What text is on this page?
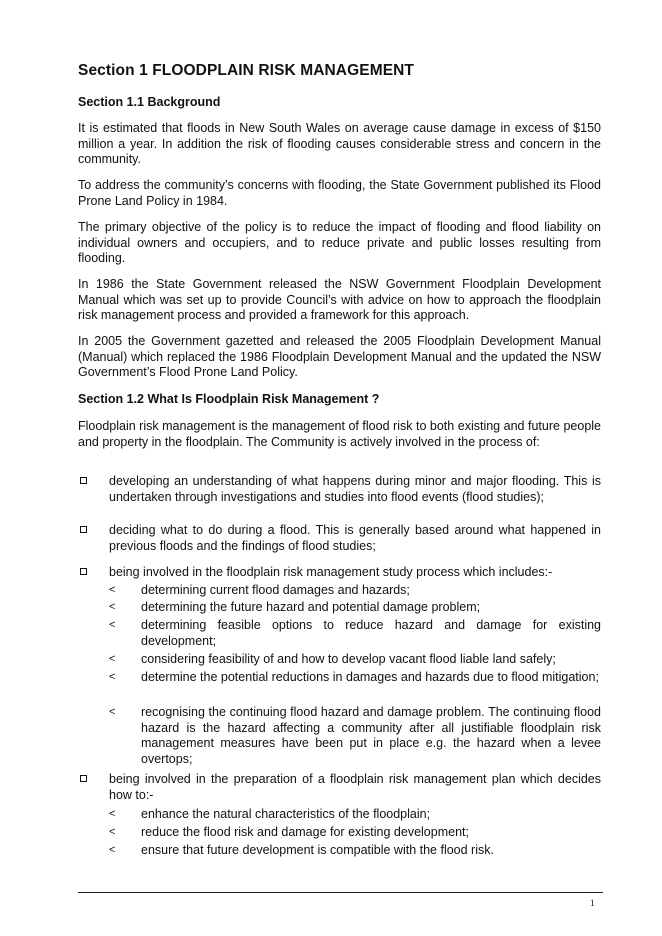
Section 1 FLOODPLAIN RISK MANAGEMENT
Section 1.1 Background

It is estimated that floods in New South Wales on average cause damage in excess of $150 million a year. In addition the risk of flooding causes considerable stress and concern in the community.

To address the community’s concerns with flooding, the State Government published its Flood Prone Land Policy in 1984.

The primary objective of the policy is to reduce the impact of flooding and flood liability on individual owners and occupiers, and to reduce private and public losses resulting from flooding.

In 1986 the State Government released the NSW Government Floodplain Development Manual which was set up to provide Council’s with advice on how to approach the floodplain risk management process and provided a framework for this approach.

In 2005 the Government gazetted and released the 2005 Floodplain Development Manual (Manual) which replaced the 1986 Floodplain Development Manual and the updated the NSW Government’s Flood Prone Land Policy.

Section 1.2 What Is Floodplain Risk Management ?

Floodplain risk management is the management of flood risk to both existing and future people and property in the floodplain. The Community is actively involved in the process of:

developing an understanding of what happens during minor and major flooding. This is undertaken through investigations and studies into flood events (flood studies);
deciding what to do during a flood. This is generally based around what happened in previous floods and the findings of flood studies;
being involved in the floodplain risk management study process which includes:-
< determining current flood damages and hazards;
< determining the future hazard and potential damage problem;
< determining feasible options to reduce hazard and damage for existing development;
< considering feasibility of and how to develop vacant flood liable land safely;
< determine the potential reductions in damages and hazards due to flood mitigation;
< recognising the continuing flood hazard and damage problem. The continuing flood hazard is the hazard affecting a community after all justifiable floodplain risk management measures have been put in place e.g. the hazard when a levee overtops;
being involved in the preparation of a floodplain risk management plan which decides how to:-
< enhance the natural characteristics of the floodplain;
< reduce the flood risk and damage for existing development;
< ensure that future development is compatible with the flood risk.
1
